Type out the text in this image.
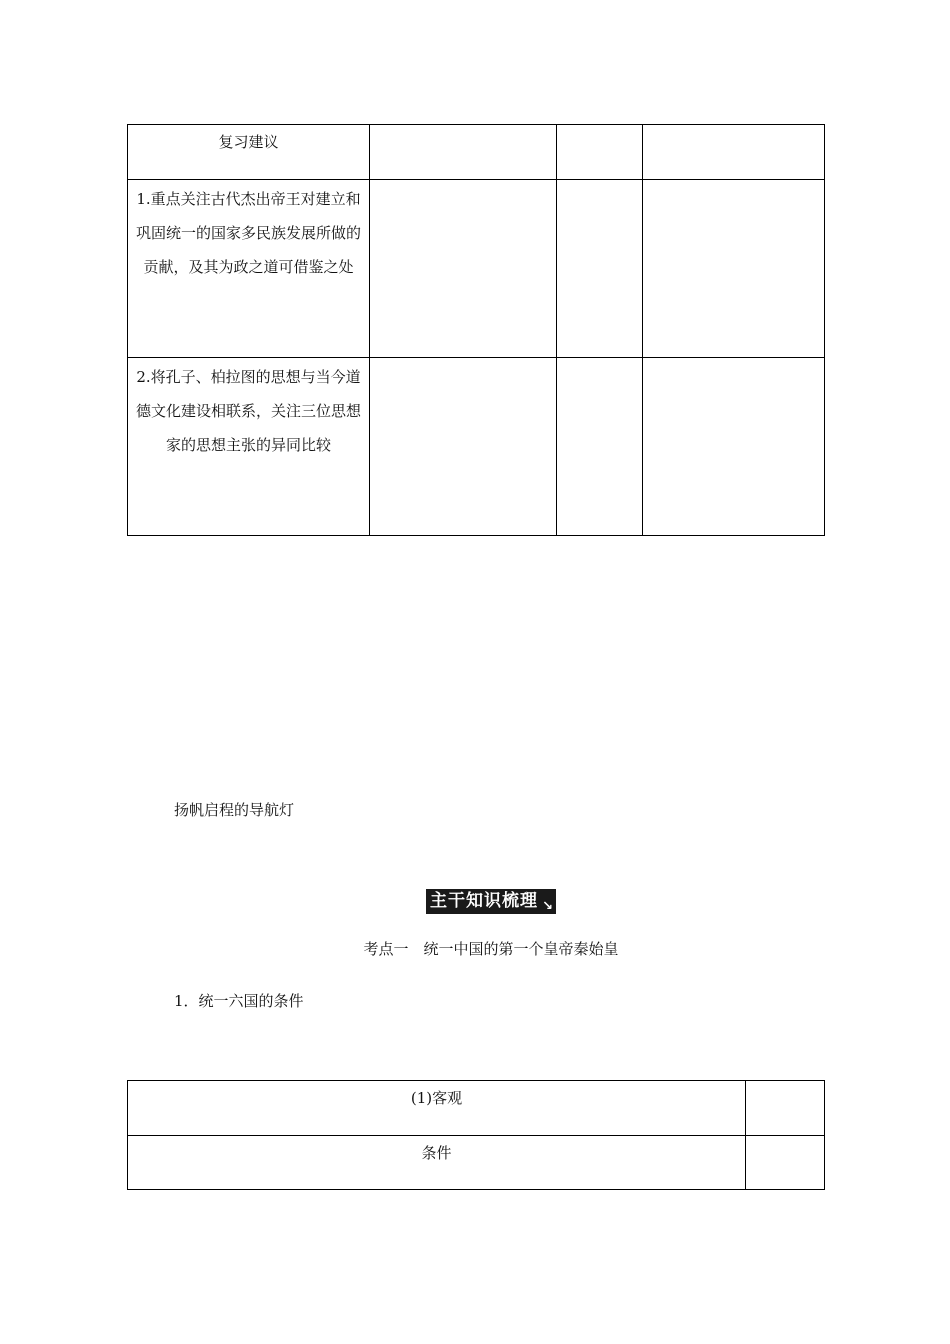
复习建议			

1.重点关注古代杰出帝王对建立和巩固统一的国家多民族发展所做的贡献，及其为政之道可借鉴之处			

2.将孔子、柏拉图的思想与当今道德文化建设相联系，关注三位思想家的思想主张的异同比较			

扬帆启程的导航灯
主干知识梳理 ↘
考点一　统一中国的第一个皇帝秦始皇
1．统一六国的条件
(1)客观	

条件	
